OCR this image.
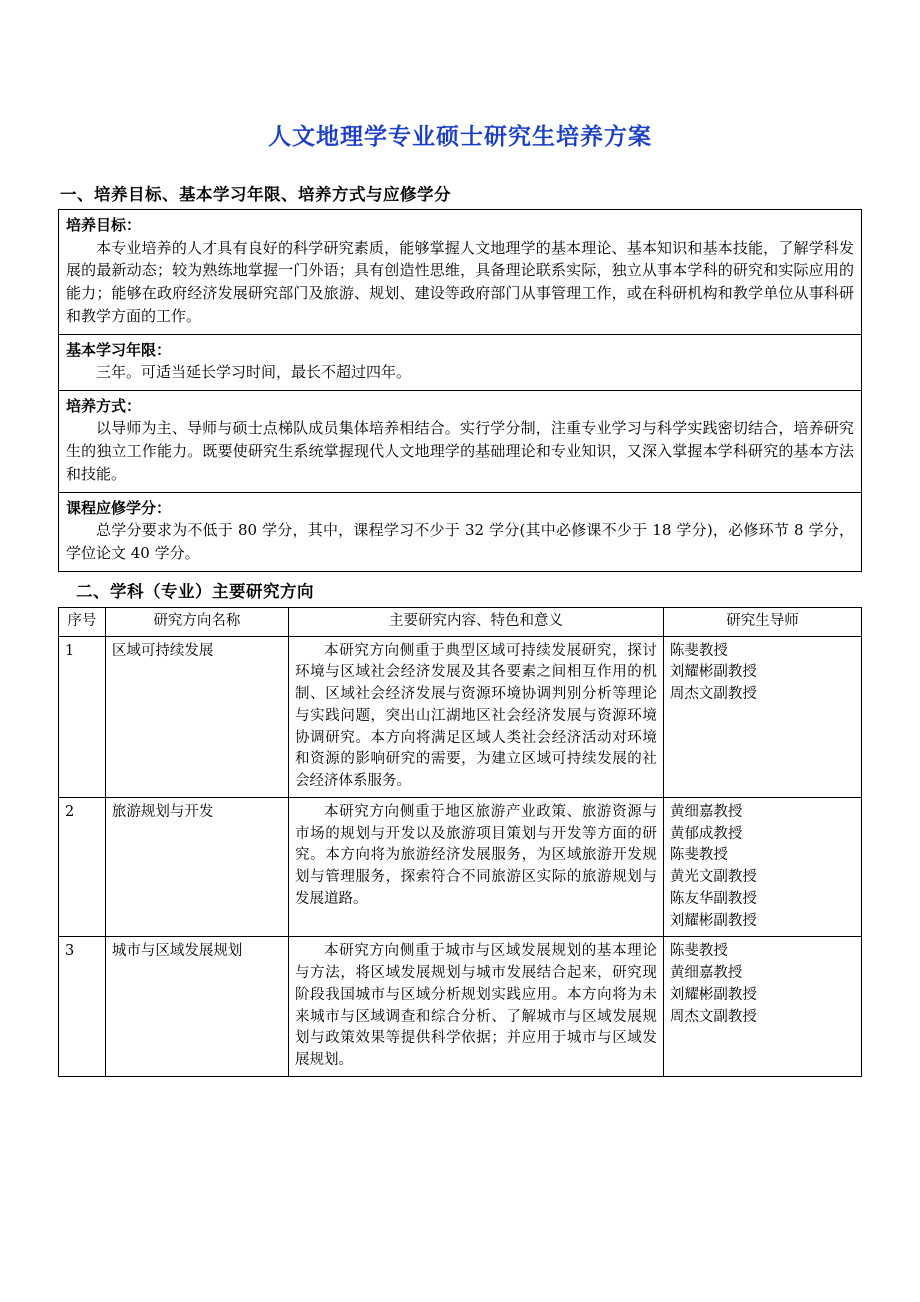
人文地理学专业硕士研究生培养方案
一、培养目标、基本学习年限、培养方式与应修学分
培养目标：
本专业培养的人才具有良好的科学研究素质，能够掌握人文地理学的基本理论、基本知识和基本技能，了解学科发展的最新动态；较为熟练地掌握一门外语；具有创造性思维，具备理论联系实际，独立从事本学科的研究和实际应用的能力；能够在政府经济发展研究部门及旅游、规划、建设等政府部门从事管理工作，或在科研机构和教学单位从事科研和教学方面的工作。

基本学习年限：
三年。可适当延长学习时间，最长不超过四年。

培养方式：
以导师为主、导师与硕士点梯队成员集体培养相结合。实行学分制，注重专业学习与科学实践密切结合，培养研究生的独立工作能力。既要使研究生系统掌握现代人文地理学的基础理论和专业知识，又深入掌握本学科研究的基本方法和技能。

课程应修学分：
总学分要求为不低于 80 学分，其中，课程学习不少于 32 学分(其中必修课不少于 18 学分)，必修环节 8 学分，学位论文 40 学分。
二、学科（专业）主要研究方向
序号	研究方向名称	主要研究内容、特色和意义	研究生导师
1	区域可持续发展	本研究方向侧重于典型区域可持续发展研究，探讨环境与区域社会经济发展及其各要素之间相互作用的机制、区域社会经济发展与资源环境协调判别分析等理论与实践问题，突出山江湖地区社会经济发展与资源环境协调研究。本方向将满足区域人类社会经济活动对环境和资源的影响研究的需要，为建立区域可持续发展的社会经济体系服务。	陈斐教授
刘耀彬副教授
周杰文副教授

2	旅游规划与开发	本研究方向侧重于地区旅游产业政策、旅游资源与市场的规划与开发以及旅游项目策划与开发等方面的研究。本方向将为旅游经济发展服务，为区域旅游开发规划与管理服务，探索符合不同旅游区实际的旅游规划与发展道路。	
黄细嘉教授
黄郁成教授
陈斐教授
黄光文副教授
陈友华副教授
刘耀彬副教授

3	城市与区域发展规划	本研究方向侧重于城市与区域发展规划的基本理论与方法，将区域发展规划与城市发展结合起来，研究现阶段我国城市与区域分析规划实践应用。本方向将为未来城市与区域调查和综合分析、了解城市与区域发展规划与政策效果等提供科学依据；并应用于城市与区域发展规划。	陈斐教授
黄细嘉教授
刘耀彬副教授
周杰文副教授
